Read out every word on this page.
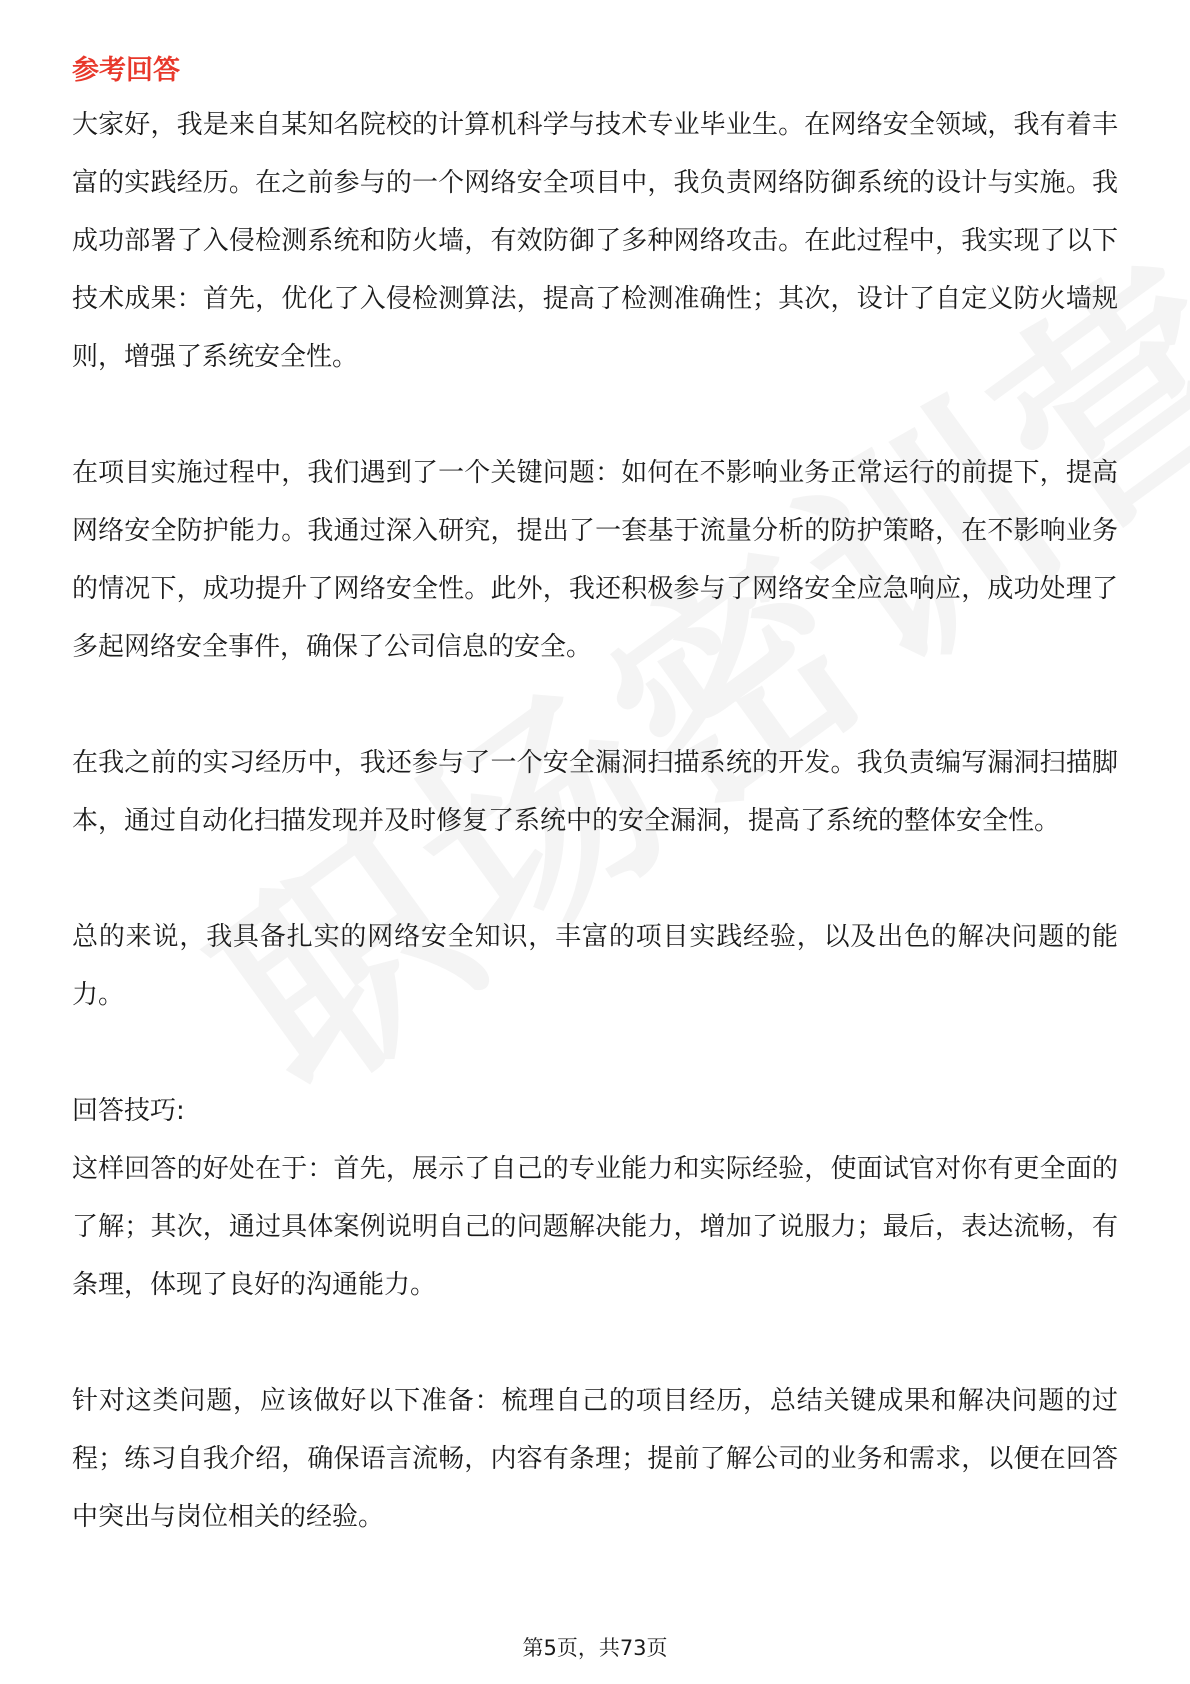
参考回答

大家好，我是来自某知名院校的计算机科学与技术专业毕业生。在网络安全领域，我有着丰富的实践经历。在之前参与的一个网络安全项目中，我负责网络防御系统的设计与实施。我成功部署了入侵检测系统和防火墙，有效防御了多种网络攻击。在此过程中，我实现了以下技术成果：首先，优化了入侵检测算法，提高了检测准确性；其次，设计了自定义防火墙规则，增强了系统安全性。

在项目实施过程中，我们遇到了一个关键问题：如何在不影响业务正常运行的前提下，提高网络安全防护能力。我通过深入研究，提出了一套基于流量分析的防护策略，在不影响业务的情况下，成功提升了网络安全性。此外，我还积极参与了网络安全应急响应，成功处理了多起网络安全事件，确保了公司信息的安全。

在我之前的实习经历中，我还参与了一个安全漏洞扫描系统的开发。我负责编写漏洞扫描脚本，通过自动化扫描发现并及时修复了系统中的安全漏洞，提高了系统的整体安全性。

总的来说，我具备扎实的网络安全知识，丰富的项目实践经验，以及出色的解决问题的能力。

回答技巧:

这样回答的好处在于：首先，展示了自己的专业能力和实际经验，使面试官对你有更全面的了解；其次，通过具体案例说明自己的问题解决能力，增加了说服力；最后，表达流畅，有条理，体现了良好的沟通能力。

针对这类问题，应该做好以下准备：梳理自己的项目经历，总结关键成果和解决问题的过程；练习自我介绍，确保语言流畅，内容有条理；提前了解公司的业务和需求，以便在回答中突出与岗位相关的经验。

第5页，共73页
